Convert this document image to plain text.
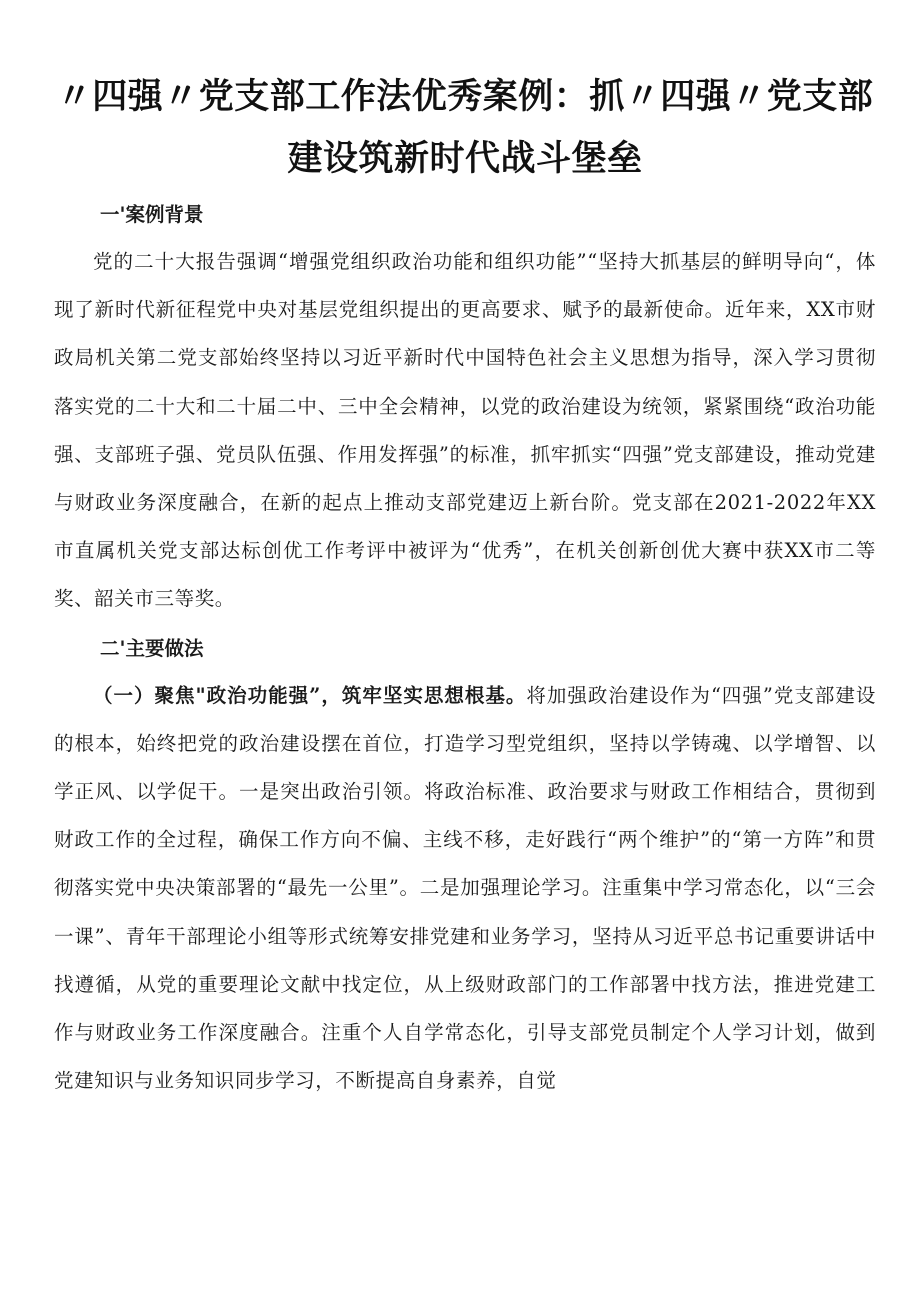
〃四强〃党支部工作法优秀案例：抓〃四强〃党支部建设筑新时代战斗堡垒
一'案例背景

党的二十大报告强调“增强党组织政治功能和组织功能”“坚持大抓基层的鲜明导向“，体现了新时代新征程党中央对基层党组织提出的更高要求、赋予的最新使命。近年来，XX市财政局机关第二党支部始终坚持以习近平新时代中国特色社会主义思想为指导，深入学习贯彻落实党的二十大和二十届二中、三中全会精神，以党的政治建设为统领，紧紧围绕“政治功能强、支部班子强、党员队伍强、作用发挥强”的标准，抓牢抓实“四强”党支部建设，推动党建与财政业务深度融合，在新的起点上推动支部党建迈上新台阶。党支部在2021-2022年XX市直属机关党支部达标创优工作考评中被评为“优秀”，在机关创新创优大赛中获XX市二等奖、韶关市三等奖。

二'主要做法

（一）聚焦"政治功能强”，筑牢坚实思想根基。将加强政治建设作为“四强”党支部建设的根本，始终把党的政治建设摆在首位，打造学习型党组织，坚持以学铸魂、以学增智、以学正风、以学促干。一是突出政治引领。将政治标准、政治要求与财政工作相结合，贯彻到财政工作的全过程，确保工作方向不偏、主线不移，走好践行“两个维护”的“第一方阵”和贯彻落实党中央决策部署的“最先一公里”。二是加强理论学习。注重集中学习常态化，以“三会一课”、青年干部理论小组等形式统筹安排党建和业务学习，坚持从习近平总书记重要讲话中找遵循，从党的重要理论文献中找定位，从上级财政部门的工作部署中找方法，推进党建工作与财政业务工作深度融合。注重个人自学常态化，引导支部党员制定个人学习计划，做到党建知识与业务知识同步学习，不断提高自身素养，自觉
